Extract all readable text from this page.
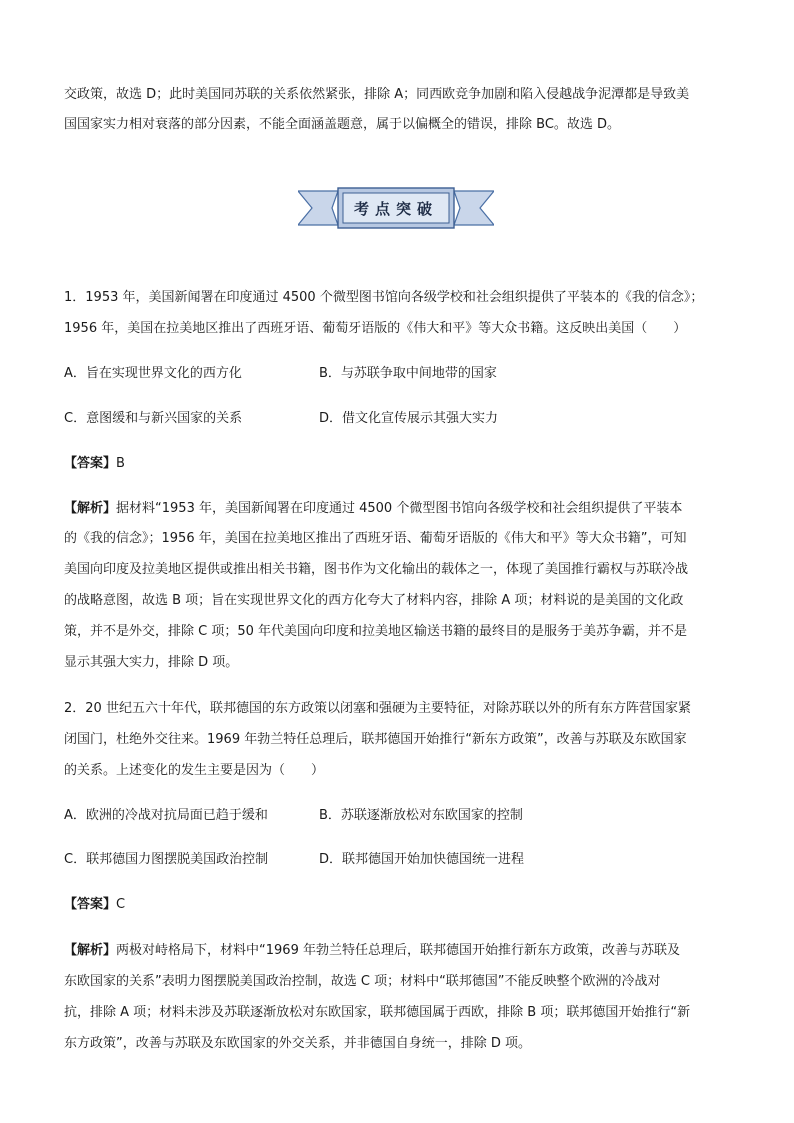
交政策，故选 D；此时美国同苏联的关系依然紧张，排除 A；同西欧竞争加剧和陷入侵越战争泥潭都是导致美
国国家实力相对衰落的部分因素，不能全面涵盖题意，属于以偏概全的错误，排除 BC。故选 D。
考点突破
1．1953 年，美国新闻署在印度通过 4500 个微型图书馆向各级学校和社会组织提供了平装本的《我的信念》；
1956 年，美国在拉美地区推出了西班牙语、葡萄牙语版的《伟大和平》等大众书籍。这反映出美国（　　）
A．旨在实现世界文化的西方化	B．与苏联争取中间地带的国家
C．意图缓和与新兴国家的关系	D．借文化宣传展示其强大实力
【答案】B
【解析】据材料“1953 年，美国新闻署在印度通过 4500 个微型图书馆向各级学校和社会组织提供了平装本
的《我的信念》；1956 年，美国在拉美地区推出了西班牙语、葡萄牙语版的《伟大和平》等大众书籍”，可知
美国向印度及拉美地区提供或推出相关书籍，图书作为文化输出的载体之一，体现了美国推行霸权与苏联冷战
的战略意图，故选 B 项；旨在实现世界文化的西方化夸大了材料内容，排除 A 项；材料说的是美国的文化政
策，并不是外交，排除 C 项；50 年代美国向印度和拉美地区输送书籍的最终目的是服务于美苏争霸，并不是
显示其强大实力，排除 D 项。
2．20 世纪五六十年代，联邦德国的东方政策以闭塞和强硬为主要特征，对除苏联以外的所有东方阵营国家紧
闭国门，杜绝外交往来。1969 年勃兰特任总理后，联邦德国开始推行“新东方政策”，改善与苏联及东欧国家
的关系。上述变化的发生主要是因为（　　）
A．欧洲的冷战对抗局面已趋于缓和	B．苏联逐渐放松对东欧国家的控制
C．联邦德国力图摆脱美国政治控制	D．联邦德国开始加快德国统一进程
【答案】C
【解析】两极对峙格局下，材料中“1969 年勃兰特任总理后，联邦德国开始推行新东方政策，改善与苏联及
东欧国家的关系”表明力图摆脱美国政治控制，故选 C 项；材料中“联邦德国”不能反映整个欧洲的冷战对
抗，排除 A 项；材料未涉及苏联逐渐放松对东欧国家，联邦德国属于西欧，排除 B 项；联邦德国开始推行“新
东方政策”，改善与苏联及东欧国家的外交关系，并非德国自身统一，排除 D 项。
